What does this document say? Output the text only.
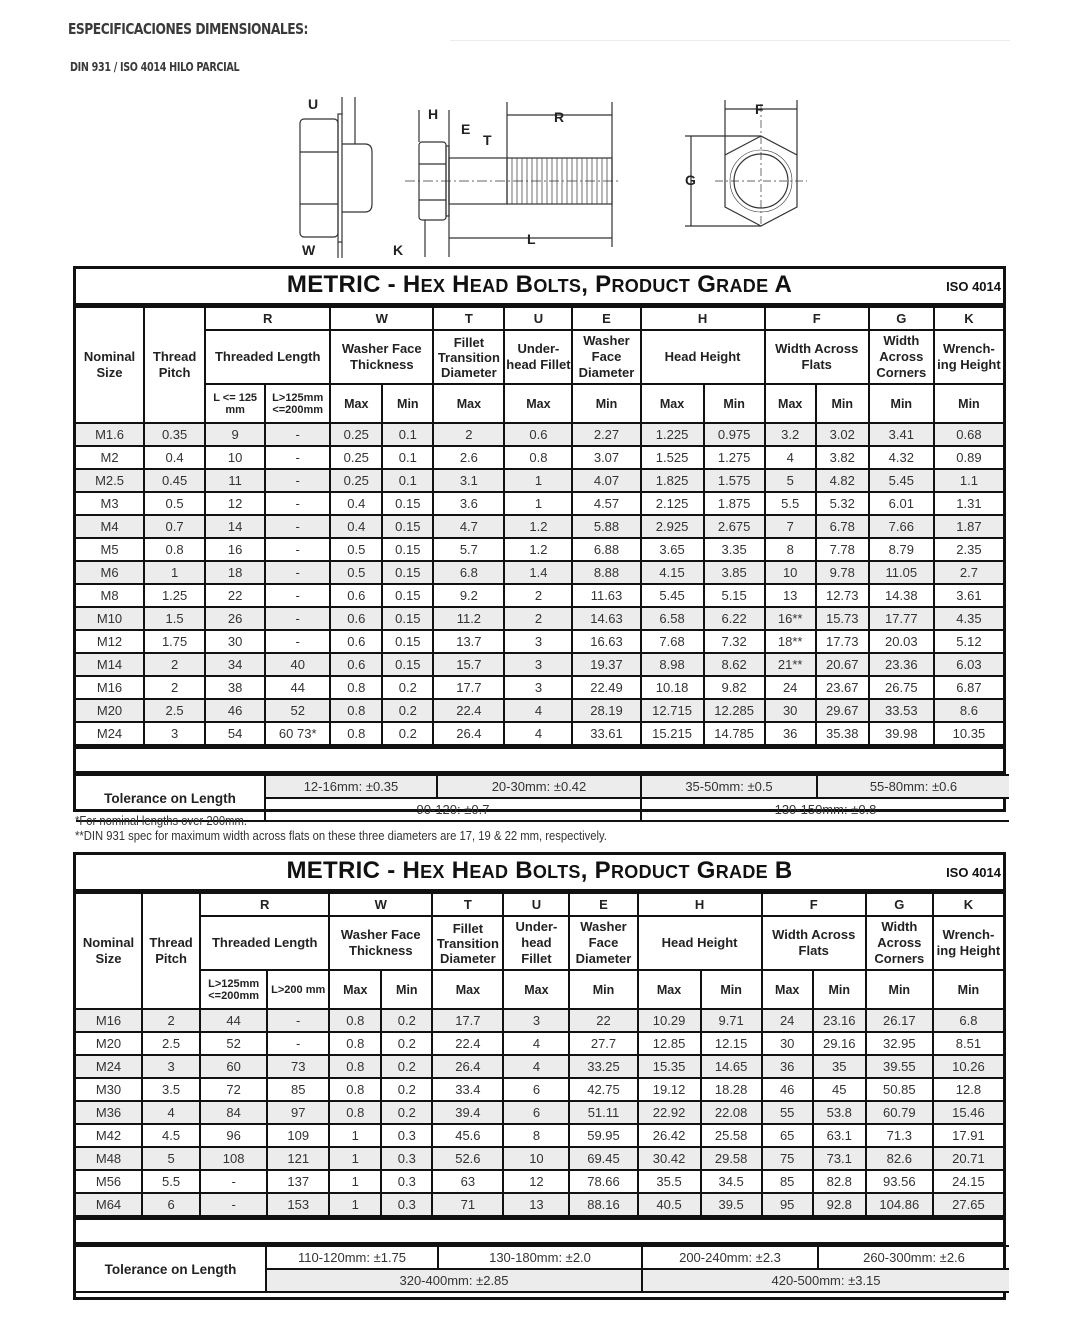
ESPECIFICACIONES DIMENSIONALES:
DIN 931 / ISO 4014 HILO PARCIAL
U
W
H
E
T
K
R
L
F
G
METRIC - HEX HEAD BOLTS, PRODUCT GRADE A	ISO 4014
Nominal Size	Thread Pitch	R		W		T	U	E	H		F		G	K
		Threaded Length		Washer Face Thickness		Fillet Transition Diameter	Under-head Fillet	Washer Face Diameter	Head Height		Width Across Flats		Width Across Corners	Wrench-ing Height
		L <= 125 mm	L>125mm <=200mm	Max	Min	Max	Max	Min	Max	Min	Max	Min	Min	Min
M1.6	0.35	9	-	0.25	0.1	2	0.6	2.27	1.225	0.975	3.2	3.02	3.41	0.68
M2	0.4	10	-	0.25	0.1	2.6	0.8	3.07	1.525	1.275	4	3.82	4.32	0.89
M2.5	0.45	11	-	0.25	0.1	3.1	1	4.07	1.825	1.575	5	4.82	5.45	1.1
M3	0.5	12	-	0.4	0.15	3.6	1	4.57	2.125	1.875	5.5	5.32	6.01	1.31
M4	0.7	14	-	0.4	0.15	4.7	1.2	5.88	2.925	2.675	7	6.78	7.66	1.87
M5	0.8	16	-	0.5	0.15	5.7	1.2	6.88	3.65	3.35	8	7.78	8.79	2.35
M6	1	18	-	0.5	0.15	6.8	1.4	8.88	4.15	3.85	10	9.78	11.05	2.7
M8	1.25	22	-	0.6	0.15	9.2	2	11.63	5.45	5.15	13	12.73	14.38	3.61
M10	1.5	26	-	0.6	0.15	11.2	2	14.63	6.58	6.22	16**	15.73	17.77	4.35
M12	1.75	30	-	0.6	0.15	13.7	3	16.63	7.68	7.32	18**	17.73	20.03	5.12
M14	2	34	40	0.6	0.15	15.7	3	19.37	8.98	8.62	21**	20.67	23.36	6.03
M16	2	38	44	0.8	0.2	17.7	3	22.49	10.18	9.82	24	23.67	26.75	6.87
M20	2.5	46	52	0.8	0.2	22.4	4	28.19	12.715	12.285	30	29.67	33.53	8.6
M24	3	54	60 73*	0.8	0.2	26.4	4	33.61	15.215	14.785	36	35.38	39.98	10.35
Tolerance on Length	12-16mm: ±0.35	20-30mm: ±0.42	35-50mm: ±0.5	55-80mm: ±0.6
	90-120: ±0.7		130-150mm: ±0.8	
*For nominal lengths over 200mm.
**DIN 931 spec for maximum width across flats on these three diameters are 17, 19 & 22 mm, respectively.
METRIC - HEX HEAD BOLTS, PRODUCT GRADE B	ISO 4014
Nominal Size	Thread Pitch	R		W		T	U	E	H		F		G	K
		Threaded Length		Washer Face Thickness		Fillet Transition Diameter	Under-head Fillet	Washer Face Diameter	Head Height		Width Across Flats		Width Across Corners	Wrench-ing Height
		L>125mm <=200mm	L>200 mm	Max	Min	Max	Max	Min	Max	Min	Max	Min	Min	Min
M16	2	44	-	0.8	0.2	17.7	3	22	10.29	9.71	24	23.16	26.17	6.8
M20	2.5	52	-	0.8	0.2	22.4	4	27.7	12.85	12.15	30	29.16	32.95	8.51
M24	3	60	73	0.8	0.2	26.4	4	33.25	15.35	14.65	36	35	39.55	10.26
M30	3.5	72	85	0.8	0.2	33.4	6	42.75	19.12	18.28	46	45	50.85	12.8
M36	4	84	97	0.8	0.2	39.4	6	51.11	22.92	22.08	55	53.8	60.79	15.46
M42	4.5	96	109	1	0.3	45.6	8	59.95	26.42	25.58	65	63.1	71.3	17.91
M48	5	108	121	1	0.3	52.6	10	69.45	30.42	29.58	75	73.1	82.6	20.71
M56	5.5	-	137	1	0.3	63	12	78.66	35.5	34.5	85	82.8	93.56	24.15
M64	6	-	153	1	0.3	71	13	88.16	40.5	39.5	95	92.8	104.86	27.65
Tolerance on Length	110-120mm: ±1.75	130-180mm: ±2.0	200-240mm: ±2.3	260-300mm: ±2.6
	320-400mm: ±2.85		420-500mm: ±3.15	
